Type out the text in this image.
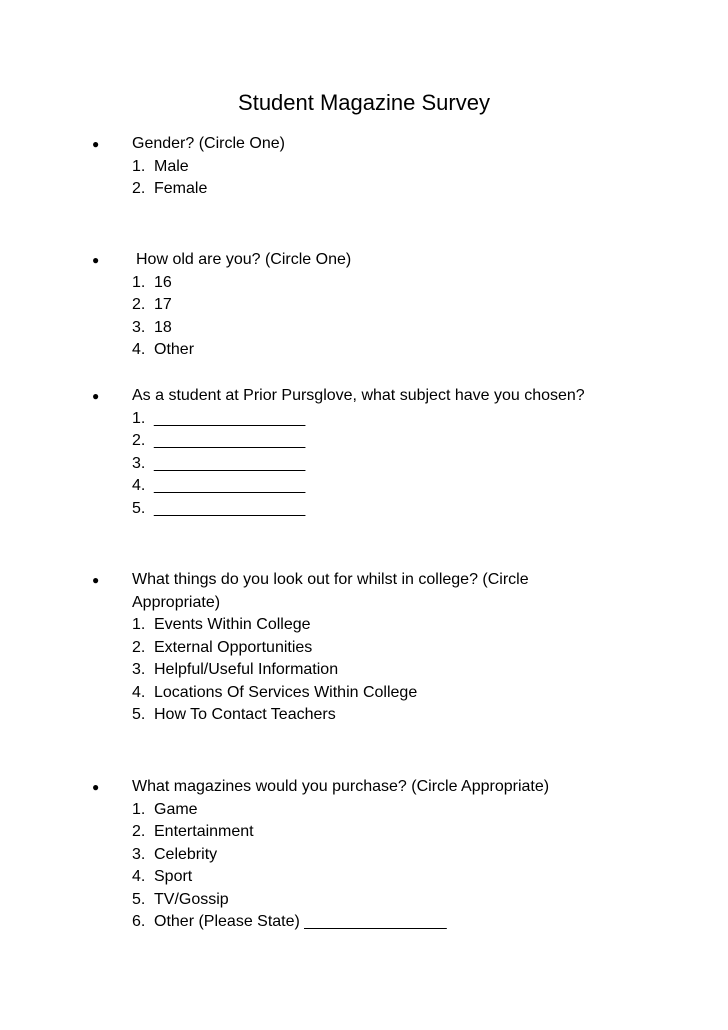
Student Magazine Survey
●	Gender? (Circle One)
1. Male
2. Female
●	How old are you? (Circle One)
1. 16
2. 17
3. 18
4. Other
●	As a student at Prior Pursglove, what subject have you chosen?
1. _________________
2. _________________
3. _________________
4. _________________
5. _________________
●	What things do you look out for whilst in college? (Circle
Appropriate)
1. Events Within College
2. External Opportunities
3. Helpful/Useful Information
4. Locations Of Services Within College
5. How To Contact Teachers
●	What magazines would you purchase? (Circle Appropriate)
1. Game
2. Entertainment
3. Celebrity
4. Sport
5. TV/Gossip
6. Other (Please State) ________________
